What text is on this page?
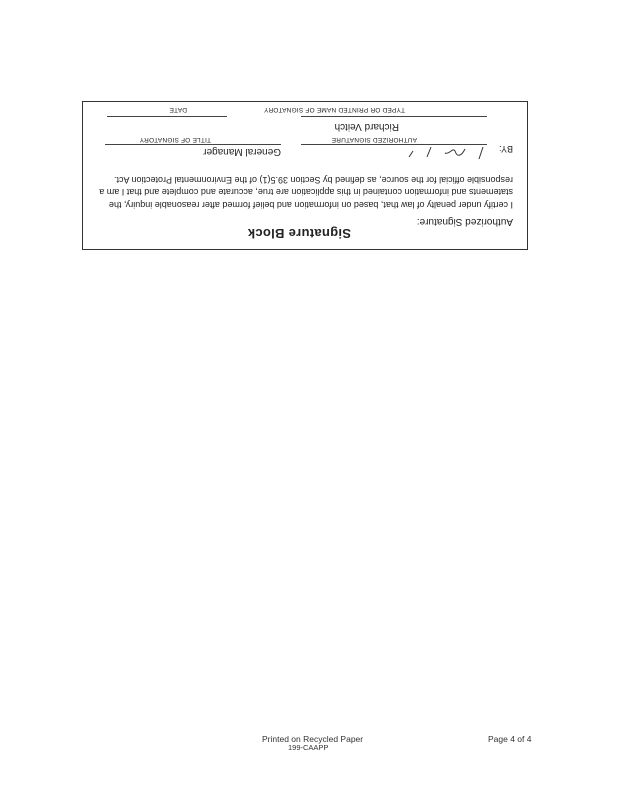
Signature Block
Authorized Signature:
I certify under penalty of law that, based on information and belief formed after reasonable inquiry, the statements and information contained in this application are true, accurate and complete and that I am a responsible official for the source, as defined by Section 39.5(1) of the Environmental Protection Act.
BY:
General Manager
AUTHORIZED SIGNATURE
TITLE OF SIGNATORY
Richard Veitch
TYPED OR PRINTED NAME OF SIGNATORY
DATE
Printed on Recycled Paper
199-CAAPP
Page 4 of 4
